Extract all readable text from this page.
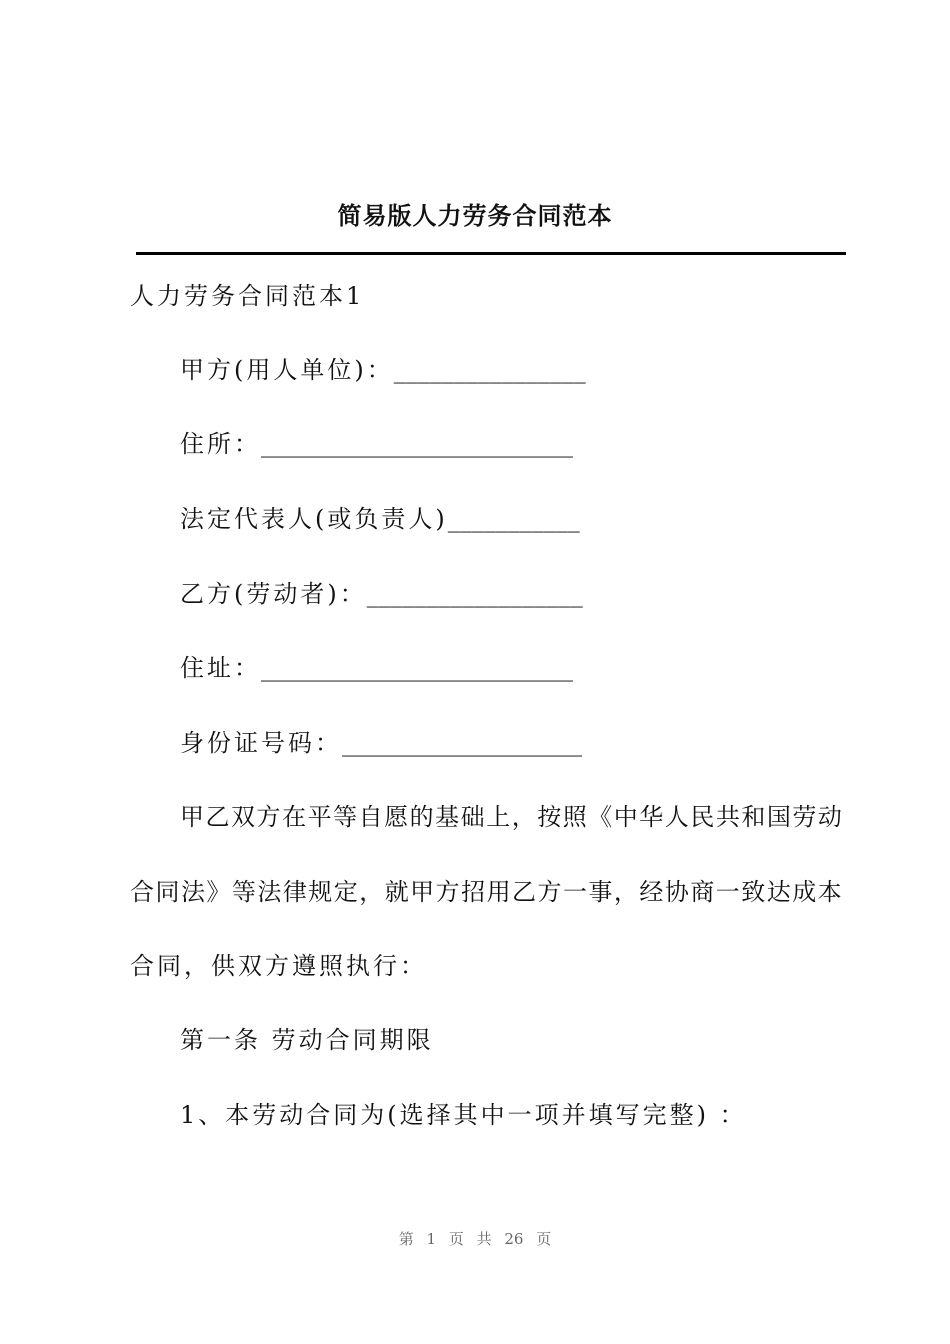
简易版人力劳务合同范本
人力劳务合同范本1
甲方(用人单位)：________________
住所：__________________________
法定代表人(或负责人)___________
乙方(劳动者)：__________________
住址：__________________________
身份证号码：____________________
甲 乙 双 方 在 平 等 自 愿 的 基 础 上 ， 按 照 《 中 华 人 民 共 和 国 劳 动
合 同 法 》 等 法 律 规 定 ， 就 甲 方 招 用 乙 方 一 事 ， 经 协 商 一 致 达 成 本
合同，供双方遵照执行：
第一条 劳动合同期限
1、本劳动合同为(选择其中一项并填写完整) ：
第 1 页 共 26 页
